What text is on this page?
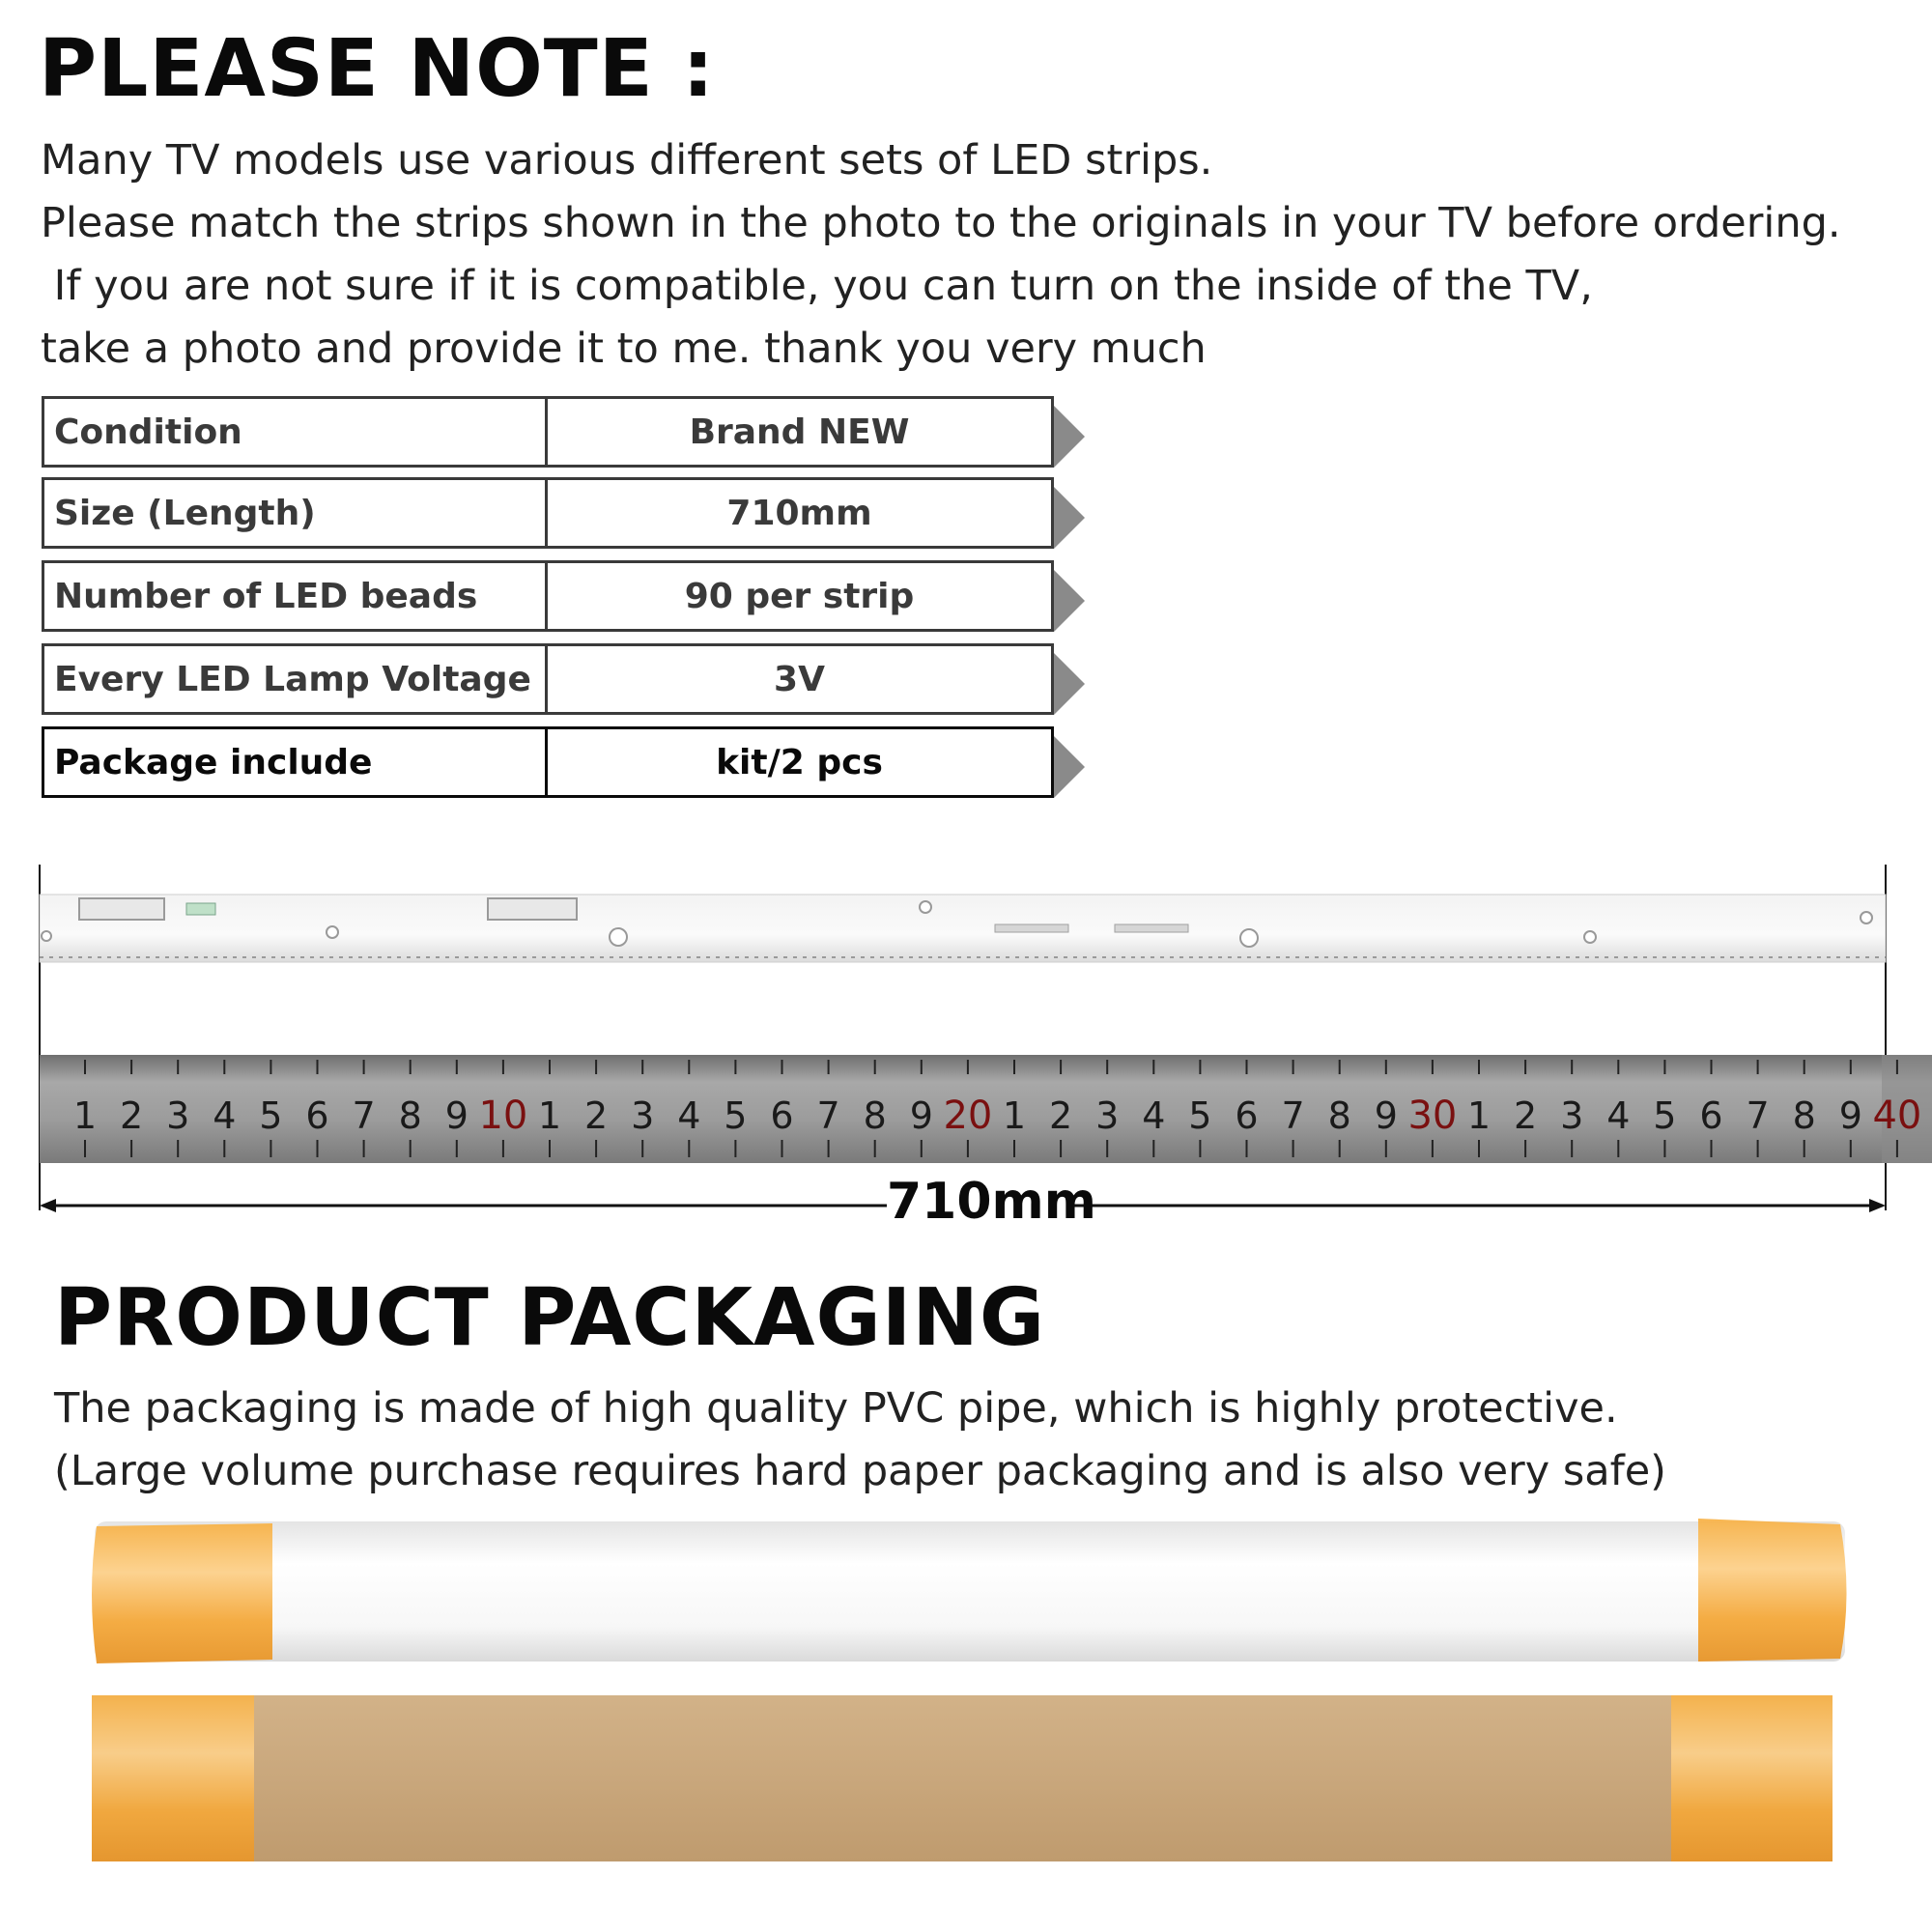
PLEASE NOTE :
Many TV models use various different sets of LED strips.
Please match the strips shown in the photo to the originals in your TV before ordering.
If you are not sure if it is compatible, you can turn on the inside of the TV,
take a photo and provide it to me. thank you very much
Condition	Brand NEW
Size (Length)	710mm
Number of LED beads	90 per strip
Every LED Lamp Voltage	3V
Package include	kit/2 pcs
1 2 3 4 5 6 7 8 9 10 1 2 3 4 5 6 7 8 9 20 1 2 3 4 5 6 7 8 9 30 1 2 3 4 5 6 7 8 9 40
710mm
PRODUCT PACKAGING
The packaging is made of high quality PVC pipe, which is highly protective.
(Large volume purchase requires hard paper packaging and is also very safe)
